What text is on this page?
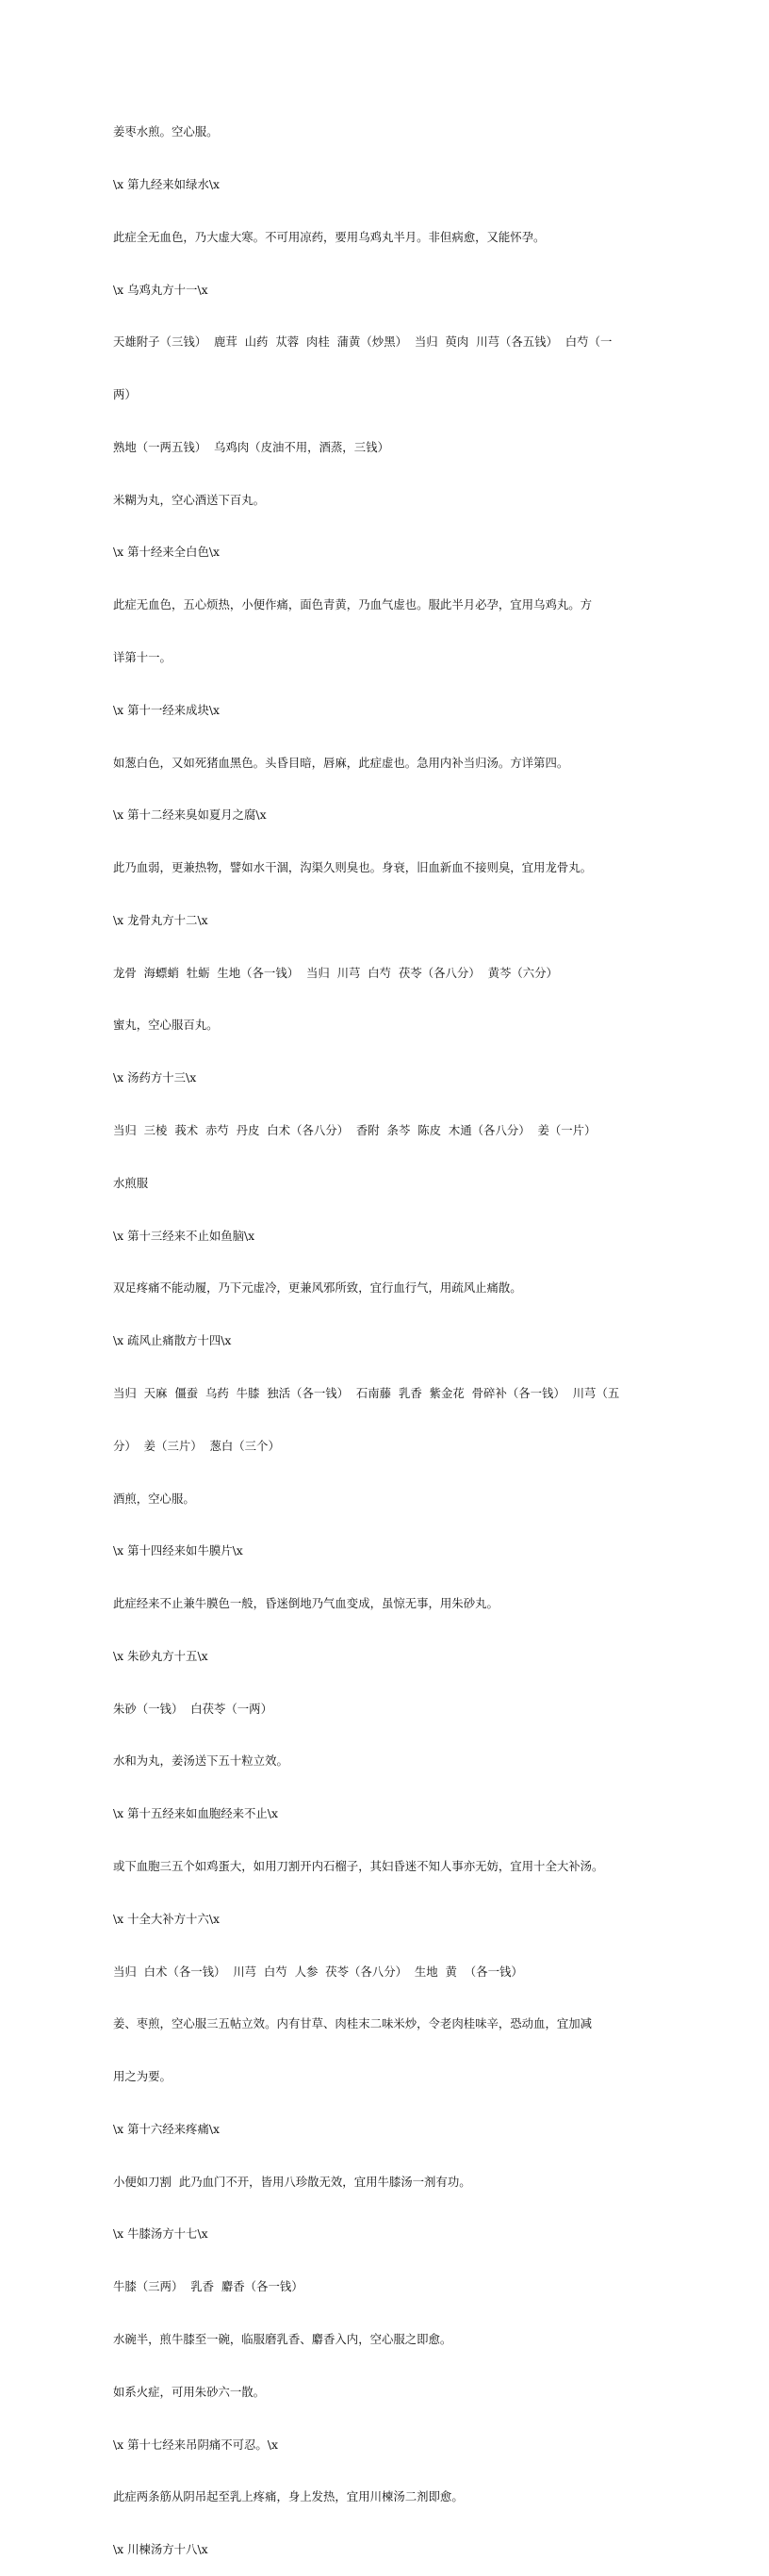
姜枣水煎。空心服。

\x 第九经来如绿水\x

此症全无血色，乃大虚大寒。不可用凉药，要用乌鸡丸半月。非但病愈，又能怀孕。

\x 乌鸡丸方十一\x

天雄附子（三钱）  鹿茸  山药  苁蓉  肉桂  蒲黄（炒黑）  当归  萸肉  川芎（各五钱）  白芍（一

两）

熟地（一两五钱）  乌鸡肉（皮油不用，酒蒸，三钱）

米糊为丸，空心酒送下百丸。

\x 第十经来全白色\x

此症无血色，五心烦热，小便作痛，面色青黄，乃血气虚也。服此半月必孕，宜用乌鸡丸。方

详第十一。

\x 第十一经来成块\x

如葱白色，又如死猪血黑色。头昏目暗，唇麻，此症虚也。急用内补当归汤。方详第四。

\x 第十二经来臭如夏月之腐\x

此乃血弱，更兼热物，譬如水干涸，沟渠久则臭也。身衰，旧血新血不接则臭，宜用龙骨丸。

\x 龙骨丸方十二\x

龙骨  海螵蛸  牡蛎  生地（各一钱）  当归  川芎  白芍  茯苓（各八分）  黄芩（六分）

蜜丸，空心服百丸。

\x 汤药方十三\x

当归  三棱  莪术  赤芍  丹皮  白术（各八分）  香附  条芩  陈皮  木通（各八分）  姜（一片）

水煎服

\x 第十三经来不止如鱼脑\x

双足疼痛不能动履，乃下元虚冷，更兼风邪所致，宜行血行气，用疏风止痛散。

\x 疏风止痛散方十四\x

当归  天麻  僵蚕  乌药  牛膝  独活（各一钱）  石南藤  乳香  紫金花  骨碎补（各一钱）  川芎（五

分）  姜（三片）  葱白（三个）

酒煎，空心服。

\x 第十四经来如牛膜片\x

此症经来不止兼牛膜色一般，昏迷倒地乃气血变成，虽惊无事，用朱砂丸。

\x 朱砂丸方十五\x

朱砂（一钱）  白茯苓（一两）

水和为丸，姜汤送下五十粒立效。

\x 第十五经来如血胞经来不止\x

或下血胞三五个如鸡蛋大，如用刀割开内石榴子，其妇昏迷不知人事亦无妨，宜用十全大补汤。

\x 十全大补方十六\x

当归  白术（各一钱）  川芎  白芍  人参  茯苓（各八分）  生地  黄  （各一钱）

姜、枣煎，空心服三五帖立效。内有甘草、肉桂末二味米炒，令老肉桂味辛，恐动血，宜加减

用之为要。

\x 第十六经来疼痛\x

小便如刀割  此乃血门不开，皆用八珍散无效，宜用牛膝汤一剂有功。

\x 牛膝汤方十七\x

牛膝（三两）  乳香  麝香（各一钱）

水碗半，煎牛膝至一碗，临服磨乳香、麝香入内，空心服之即愈。

如系火症，可用朱砂六一散。

\x 第十七经来吊阴痛不可忍。\x

此症两条筋从阴吊起至乳上疼痛，身上发热，宜用川楝汤二剂即愈。

\x 川楝汤方十八\x
